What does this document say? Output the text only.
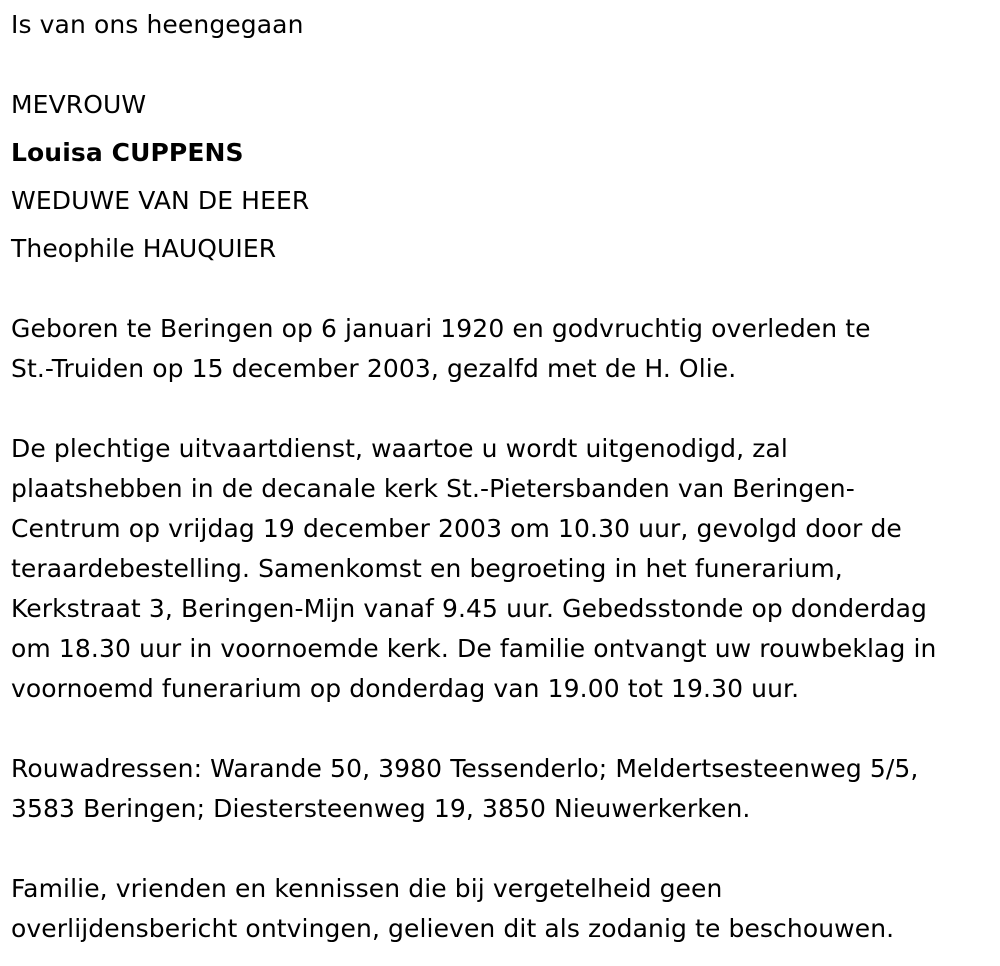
Is van ons heengegaan
MEVROUW
Louisa CUPPENS
WEDUWE VAN DE HEER
Theophile HAUQUIER
Geboren te Beringen op 6 januari 1920 en godvruchtig overleden te
St.-Truiden op 15 december 2003, gezalfd met de H. Olie.
De plechtige uitvaartdienst, waartoe u wordt uitgenodigd, zal
plaatshebben in de decanale kerk St.-Pietersbanden van Beringen-
Centrum op vrijdag 19 december 2003 om 10.30 uur, gevolgd door de
teraardebestelling. Samenkomst en begroeting in het funerarium,
Kerkstraat 3, Beringen-Mijn vanaf 9.45 uur. Gebedsstonde op donderdag
om 18.30 uur in voornoemde kerk. De familie ontvangt uw rouwbeklag in
voornoemd funerarium op donderdag van 19.00 tot 19.30 uur.
Rouwadressen: Warande 50, 3980 Tessenderlo; Meldertsesteenweg 5/5,
3583 Beringen; Diestersteenweg 19, 3850 Nieuwerkerken.
Familie, vrienden en kennissen die bij vergetelheid geen
overlijdensbericht ontvingen, gelieven dit als zodanig te beschouwen.
